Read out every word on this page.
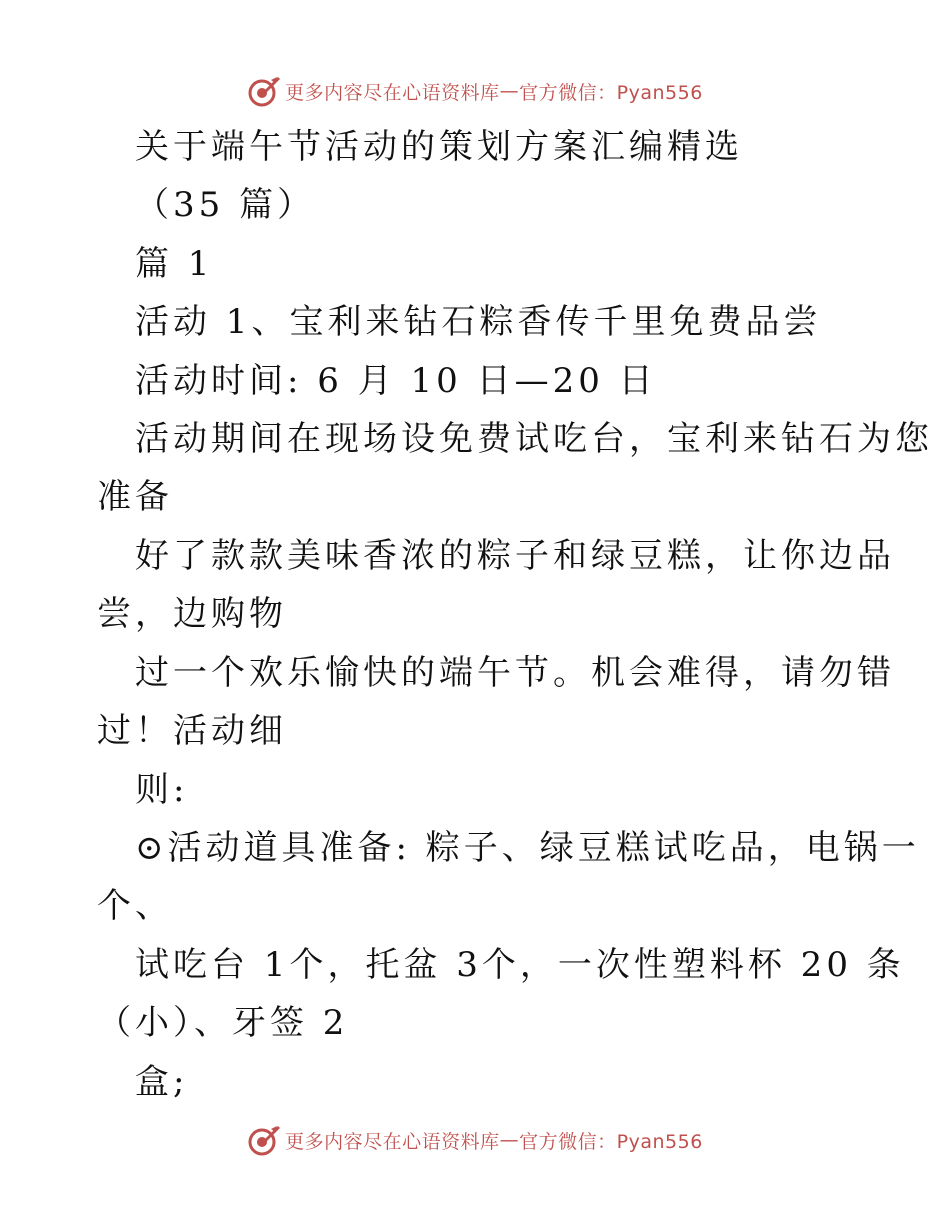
更多内容尽在心语资料库 — 官方微信：Pyan556
关于端午节活动的策划方案汇编精选
（35 篇）
篇 1
活动 1、宝利来钻石粽香传千里免费品尝
活动时间: 6 月 10 日—20 日
活动期间在现场设免费试吃台，宝利来钻石为您
准备
好了款款美味香浓的粽子和绿豆糕，让你边品
尝，边购物
过一个欢乐愉快的端午节。机会难得，请勿错
过！活动细
则:
⊙活动道具准备: 粽子、绿豆糕试吃品，电锅一
个、
试吃台 1个，托盆 3个，一次性塑料杯 20 条
（小）、牙签 2
盒;
更多内容尽在心语资料库 — 官方微信：Pyan556
